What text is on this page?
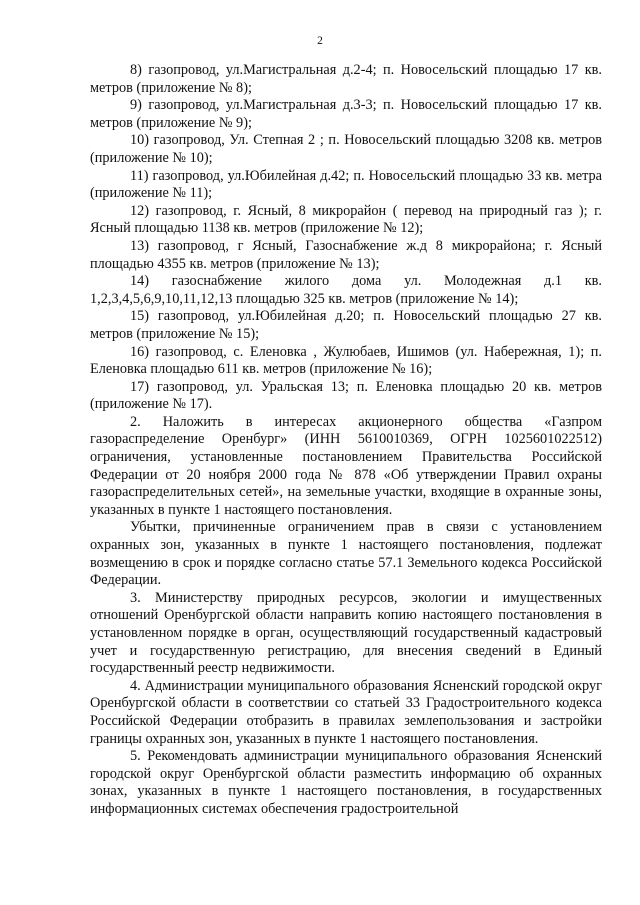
2

8) газопровод, ул.Магистральная д.2-4; п. Новосельский площадью 17 кв. метров (приложение № 8);

9) газопровод, ул.Магистральная д.3-3; п. Новосельский площадью 17 кв. метров (приложение № 9);

10) газопровод, Ул. Степная 2 ; п. Новосельский площадью 3208 кв. метров (приложение № 10);

11) газопровод, ул.Юбилейная д.42; п. Новосельский площадью 33 кв. метра (приложение № 11);

12) газопровод, г. Ясный, 8 микрорайон ( перевод на природный газ ); г. Ясный площадью 1138 кв. метров (приложение № 12);

13) газопровод, г Ясный, Газоснабжение ж.д 8 микрорайона; г. Ясный площадью 4355 кв. метров (приложение № 13);

14) газоснабжение жилого дома ул. Молодежная д.1 кв. 1,2,3,4,5,6,9,10,11,12,13 площадью 325 кв. метров (приложение № 14);

15) газопровод, ул.Юбилейная д.20; п. Новосельский площадью 27 кв. метров (приложение № 15);

16) газопровод, с. Еленовка , Жулюбаев, Ишимов (ул. Набережная, 1); п. Еленовка площадью 611 кв. метров (приложение № 16);

17) газопровод, ул. Уральская 13; п. Еленовка площадью 20 кв. метров (приложение № 17).

2. Наложить в интересах акционерного общества «Газпром газораспределение Оренбург» (ИНН 5610010369, ОГРН 1025601022512) ограничения, установленные постановлением Правительства Российской Федерации от 20 ноября 2000 года № 878 «Об утверждении Правил охраны газораспределительных сетей», на земельные участки, входящие в охранные зоны, указанных в пункте 1 настоящего постановления.

Убытки, причиненные ограничением прав в связи с установлением охранных зон, указанных в пункте 1 настоящего постановления, подлежат возмещению в срок и порядке согласно статье 57.1 Земельного кодекса Российской Федерации.

3. Министерству природных ресурсов, экологии и имущественных отношений Оренбургской области направить копию настоящего постановления в установленном порядке в орган, осуществляющий государственный кадастровый учет и государственную регистрацию, для внесения сведений в Единый государственный реестр недвижимости.

4. Администрации муниципального образования Ясненский городской округ Оренбургской области в соответствии со статьей 33 Градостроительного кодекса Российской Федерации отобразить в правилах землепользования и застройки границы охранных зон, указанных в пункте 1 настоящего постановления.

5. Рекомендовать администрации муниципального образования Ясненский городской округ Оренбургской области разместить информацию об охранных зонах, указанных в пункте 1 настоящего постановления, в государственных информационных системах обеспечения градостроительной
